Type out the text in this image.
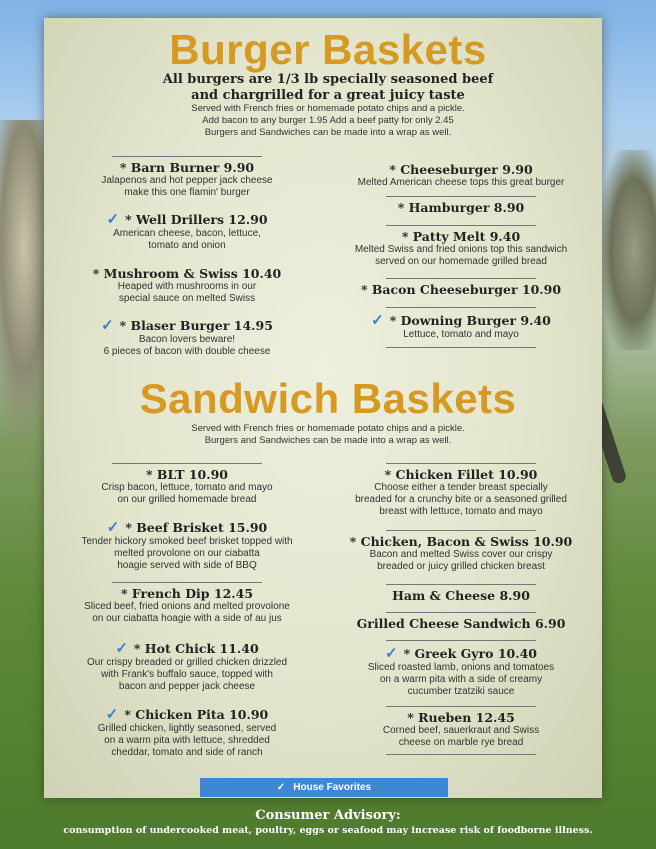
Burger Baskets
All burgers are 1/3 lb specially seasoned beef
and chargrilled for a great juicy taste
Served with French fries or homemade potato chips and a pickle.
Add bacon to any burger 1.95 Add a beef patty for only 2.45
Burgers and Sandwiches can be made into a wrap as well.
* Barn Burner 9.90
Jalapenos and hot pepper jack cheese
make this one flamin' burger
✓ * Well Drillers 12.90
American cheese, bacon, lettuce,
tomato and onion
* Mushroom & Swiss 10.40
Heaped with mushrooms in our
special sauce on melted Swiss
✓ * Blaser Burger 14.95
Bacon lovers beware!
6 pieces of bacon with double cheese
* Cheeseburger 9.90
Melted American cheese tops this great burger
* Hamburger 8.90
* Patty Melt 9.40
Melted Swiss and fried onions top this sandwich
served on our homemade grilled bread
* Bacon Cheeseburger 10.90
✓ * Downing Burger 9.40
Lettuce, tomato and mayo
Sandwich Baskets
Served with French fries or homemade potato chips and a pickle.
Burgers and Sandwiches can be made into a wrap as well.
* BLT 10.90
Crisp bacon, lettuce, tomato and mayo
on our grilled homemade bread
✓ * Beef Brisket 15.90
Tender hickory smoked beef brisket topped with
melted provolone on our ciabatta
hoagie served with side of BBQ
* French Dip 12.45
Sliced beef, fried onions and melted provolone
on our ciabatta hoagie with a side of au jus
✓ * Hot Chick 11.40
Our crispy breaded or grilled chicken drizzled
with Frank's buffalo sauce, topped with
bacon and pepper jack cheese
✓ * Chicken Pita 10.90
Grilled chicken, lightly seasoned, served
on a warm pita with lettuce, shredded
cheddar, tomato and side of ranch
* Chicken Fillet 10.90
Choose either a tender breast specially
breaded for a crunchy bite or a seasoned grilled
breast with lettuce, tomato and mayo
* Chicken, Bacon & Swiss 10.90
Bacon and melted Swiss cover our crispy
breaded or juicy grilled chicken breast
Ham & Cheese 8.90
Grilled Cheese Sandwich 6.90
✓ * Greek Gyro 10.40
Sliced roasted lamb, onions and tomatoes
on a warm pita with a side of creamy
cucumber tzatziki sauce
* Rueben 12.45
Corned beef, sauerkraut and Swiss
cheese on marble rye bread
✓ House Favorites
Consumer Advisory:
consumption of undercooked meat, poultry, eggs or seafood may increase risk of foodborne illness.
